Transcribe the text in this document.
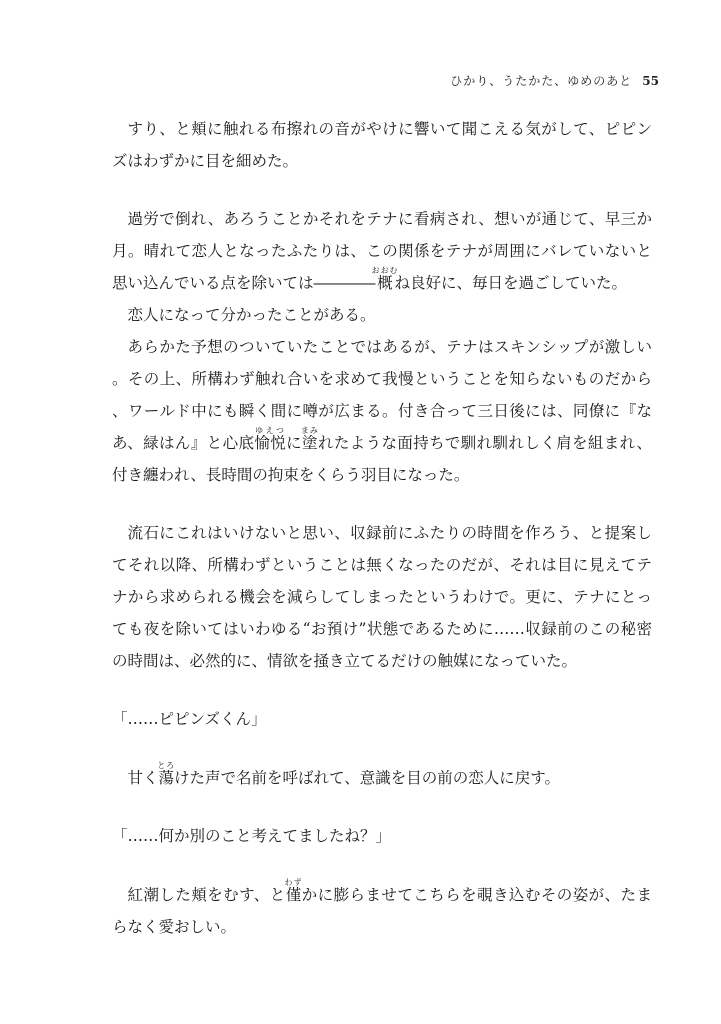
ひかり、うたかた、ゆめのあと 55

すり、と頬に触れる布擦れの音がやけに響いて聞こえる気がして、ピピンズはわずかに目を細めた。

過労で倒れ、あろうことかそれをテナに看病され、想いが通じて、早三か月。晴れて恋人となったふたりは、この関係をテナが周囲にバレていないと思い込んでいる点を除いては――――概おおむね良好に、毎日を過ごしていた。

恋人になって分かったことがある。

あらかた予想のついていたことではあるが、テナはスキンシップが激しい。その上、所構わず触れ合いを求めて我慢ということを知らないものだから、ワールド中にも瞬く間に噂が広まる。付き合って三日後には、同僚に『なあ、緑はん』と心底愉悦ゆえつに塗まみれたような面持ちで馴れ馴れしく肩を組まれ、付き纏われ、長時間の拘束をくらう羽目になった。

流石にこれはいけないと思い、収録前にふたりの時間を作ろう、と提案してそれ以降、所構わずということは無くなったのだが、それは目に見えてテナから求められる機会を減らしてしまったというわけで。更に、テナにとっても夜を除いてはいわゆる“お預け”状態であるために……収録前のこの秘密の時間は、必然的に、情欲を掻き立てるだけの触媒になっていた。

「……ピピンズくん」

甘く蕩とろけた声で名前を呼ばれて、意識を目の前の恋人に戻す。

「……何か別のこと考えてましたね？」

紅潮した頬をむす、と僅わずかに膨らませてこちらを覗き込むその姿が、たまらなく愛おしい。
